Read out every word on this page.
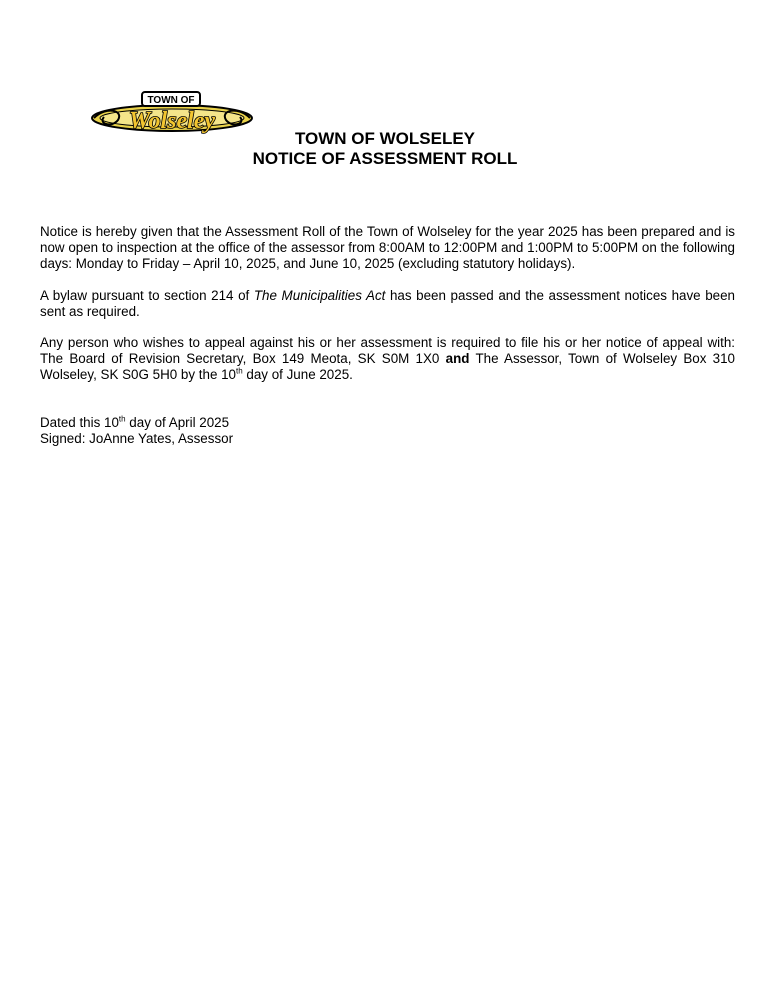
TOWN OF
Wolseley
TOWN OF WOLSELEY
NOTICE OF ASSESSMENT ROLL

Notice is hereby given that the Assessment Roll of the Town of Wolseley for the year 2025 has been prepared and is now open to inspection at the office of the assessor from 8:00AM to 12:00PM and 1:00PM to 5:00PM on the following days: Monday to Friday – April 10, 2025, and June 10, 2025 (excluding statutory holidays).

A bylaw pursuant to section 214 of The Municipalities Act has been passed and the assessment notices have been sent as required.

Any person who wishes to appeal against his or her assessment is required to file his or her notice of appeal with: The Board of Revision Secretary, Box 149 Meota, SK S0M 1X0 and The Assessor, Town of Wolseley Box 310 Wolseley, SK S0G 5H0 by the 10th day of June 2025.

Dated this 10th day of April 2025

Signed: JoAnne Yates, Assessor
